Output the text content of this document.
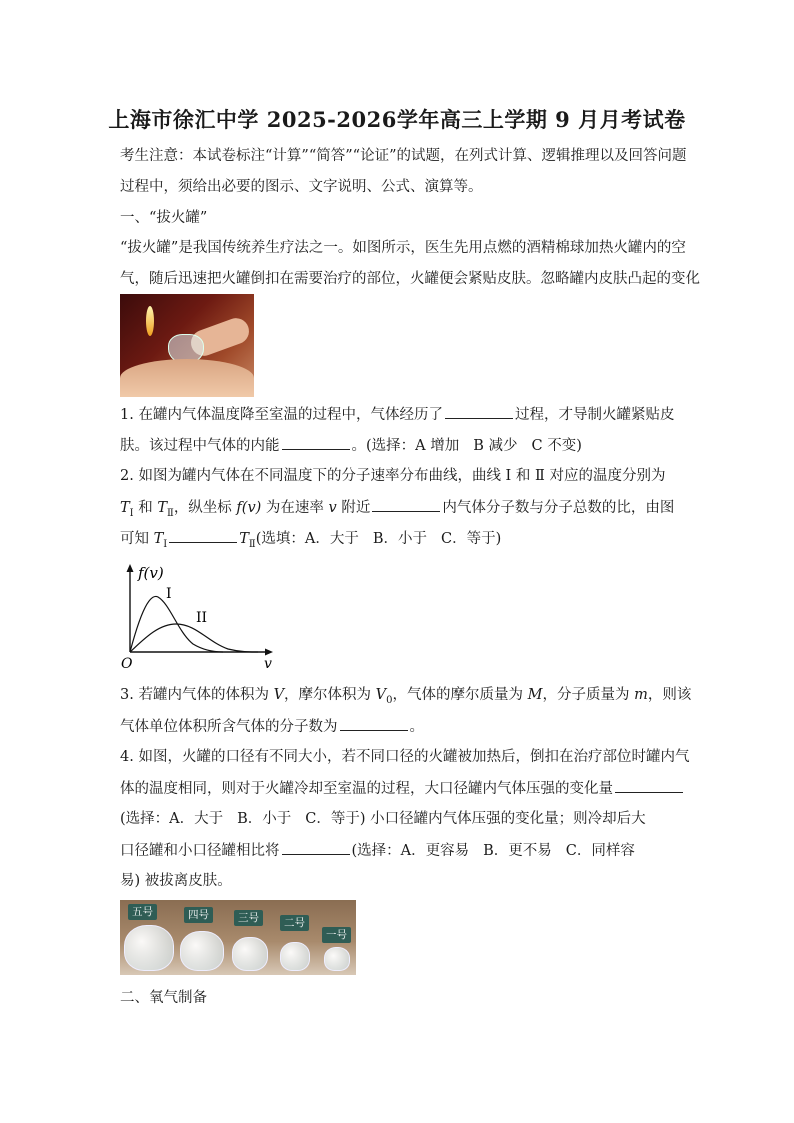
上海市徐汇中学 2025-2026学年高三上学期 9 月月考试卷
考生注意：本试卷标注“计算”“简答”“论证”的试题，在列式计算、逻辑推理以及回答问题
过程中，须给出必要的图示、文字说明、公式、演算等。
一、“拔火罐”
“拔火罐”是我国传统养生疗法之一。如图所示，医生先用点燃的酒精棉球加热火罐内的空
气，随后迅速把火罐倒扣在需要治疗的部位，火罐便会紧贴皮肤。忽略罐内皮肤凸起的变化
1. 在罐内气体温度降至室温的过程中，气体经历了	过程，才导制火罐紧贴皮
肤。该过程中气体的内能	。(选择：A 增加 B 减少 C 不变)
2. 如图为罐内气体在不同温度下的分子速率分布曲线，曲线 Ⅰ 和 Ⅱ 对应的温度分别为
$T_Ⅰ$ 和 $T_Ⅱ$，纵坐标 f(v) 为在速率 v 附近	内气体分子数与分子总数的比，由图
可知 $T_Ⅰ$	$T_Ⅱ$(选填：A．大于 B．小于 C．等于)
f(v)
I
II
O	v
3. 若罐内气体的体积为 V，摩尔体积为 $V_0$，气体的摩尔质量为 M，分子质量为 m，则该
气体单位体积所含气体的分子数为	。
4. 如图，火罐的口径有不同大小，若不同口径的火罐被加热后，倒扣在治疗部位时罐内气
体的温度相同，则对于火罐冷却至室温的过程，大口径罐内气体压强的变化量
(选择：A．大于 B．小于 C．等于) 小口径罐内气体压强的变化量；则冷却后大
口径罐和小口径罐相比将	(选择：A．更容易 B．更不易 C．同样容
易) 被拔离皮肤。
五号	四号	三号	二号
一号
二、氧气制备
